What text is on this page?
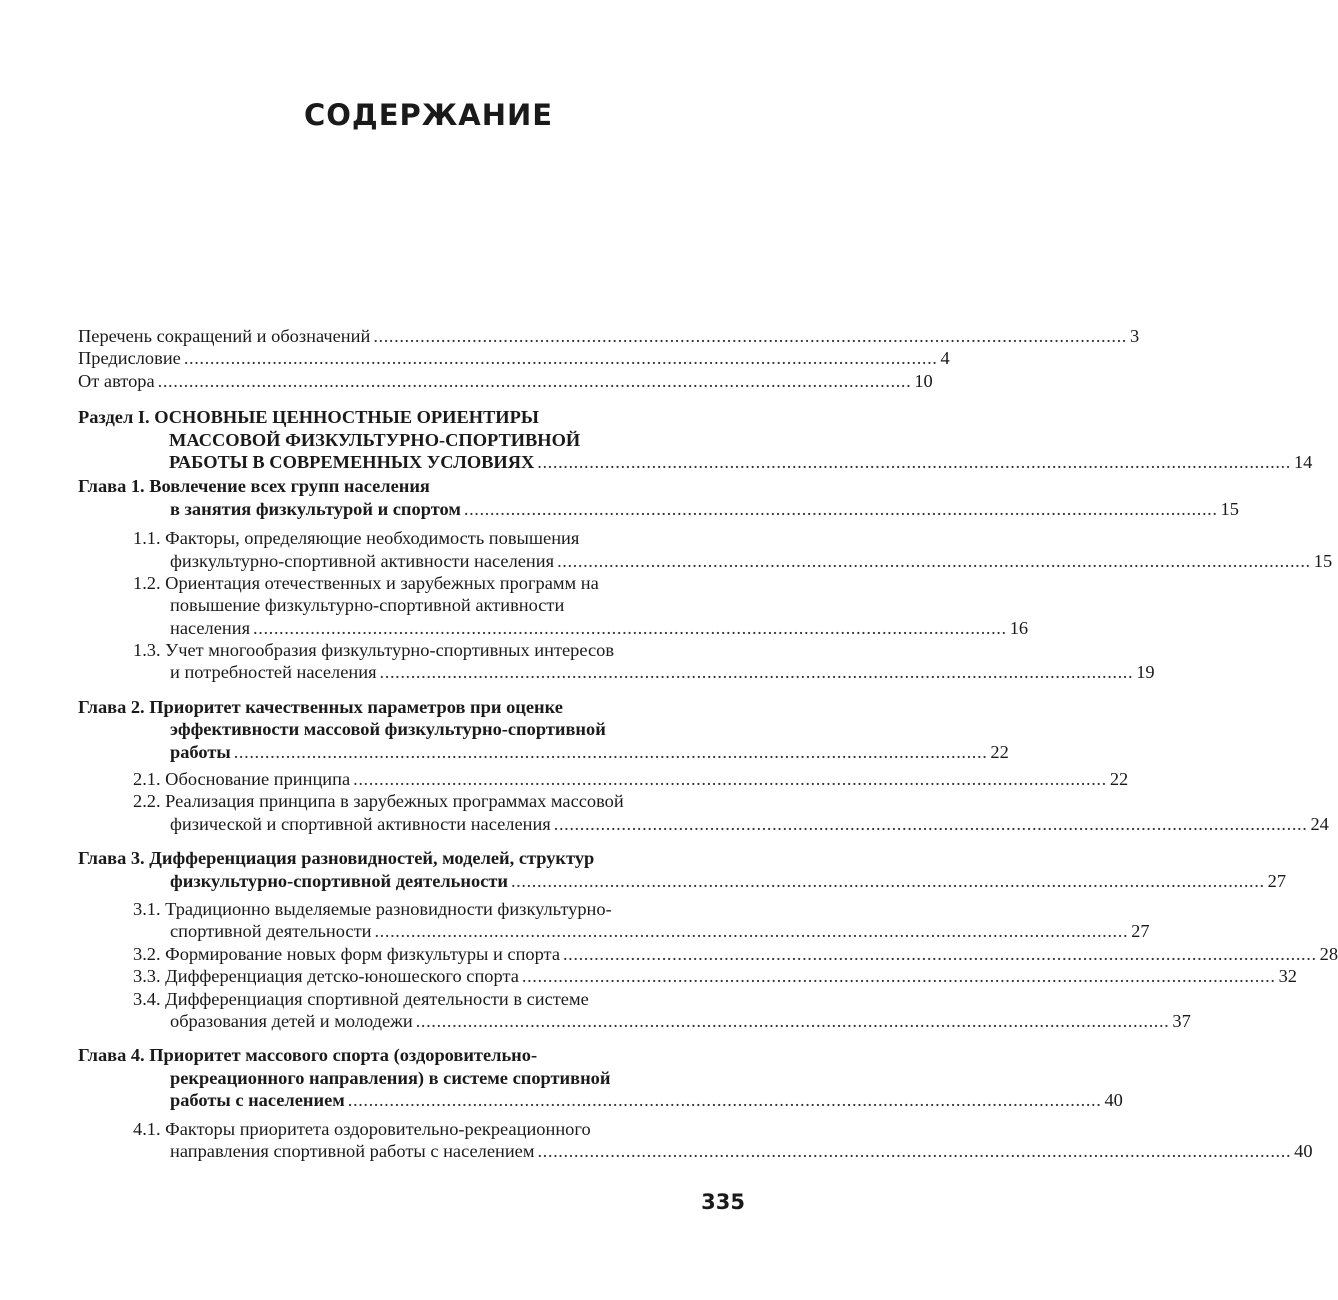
СОДЕРЖАНИЕ
Перечень сокращений и обозначений ................................................................................................................................................. 3
Предисловие ................................................................................................................................................. 4
От автора ................................................................................................................................................. 10
Раздел I. ОСНОВНЫЕ ЦЕННОСТНЫЕ ОРИЕНТИРЫ
МАССОВОЙ ФИЗКУЛЬТУРНО-СПОРТИВНОЙ
РАБОТЫ В СОВРЕМЕННЫХ УСЛОВИЯХ ................................................................................................................................................. 14
Глава 1. Вовлечение всех групп населения
в занятия физкультурой и спортом ................................................................................................................................................. 15
1.1. Факторы, определяющие необходимость повышения
физкультурно-спортивной активности населения ................................................................................................................................................. 15
1.2. Ориентация отечественных и зарубежных программ на
повышение физкультурно-спортивной активности
населения ................................................................................................................................................. 16
1.3. Учет многообразия физкультурно-спортивных интересов
и потребностей населения ................................................................................................................................................. 19
Глава 2. Приоритет качественных параметров при оценке
эффективности массовой физкультурно-спортивной
работы ................................................................................................................................................. 22
2.1. Обоснование принципа ................................................................................................................................................. 22
2.2. Реализация принципа в зарубежных программах массовой
физической и спортивной активности населения ................................................................................................................................................. 24
Глава 3. Дифференциация разновидностей, моделей, структур
физкультурно-спортивной деятельности ................................................................................................................................................. 27
3.1. Традиционно выделяемые разновидности физкультурно-
спортивной деятельности ................................................................................................................................................. 27
3.2. Формирование новых форм физкультуры и спорта ................................................................................................................................................. 28
3.3. Дифференциация детско-юношеского спорта ................................................................................................................................................. 32
3.4. Дифференциация спортивной деятельности в системе
образования детей и молодежи ................................................................................................................................................. 37
Глава 4. Приоритет массового спорта (оздоровительно-
рекреационного направления) в системе спортивной
работы с населением ................................................................................................................................................. 40
4.1. Факторы приоритета оздоровительно-рекреационного
направления спортивной работы с населением ................................................................................................................................................. 40
335
